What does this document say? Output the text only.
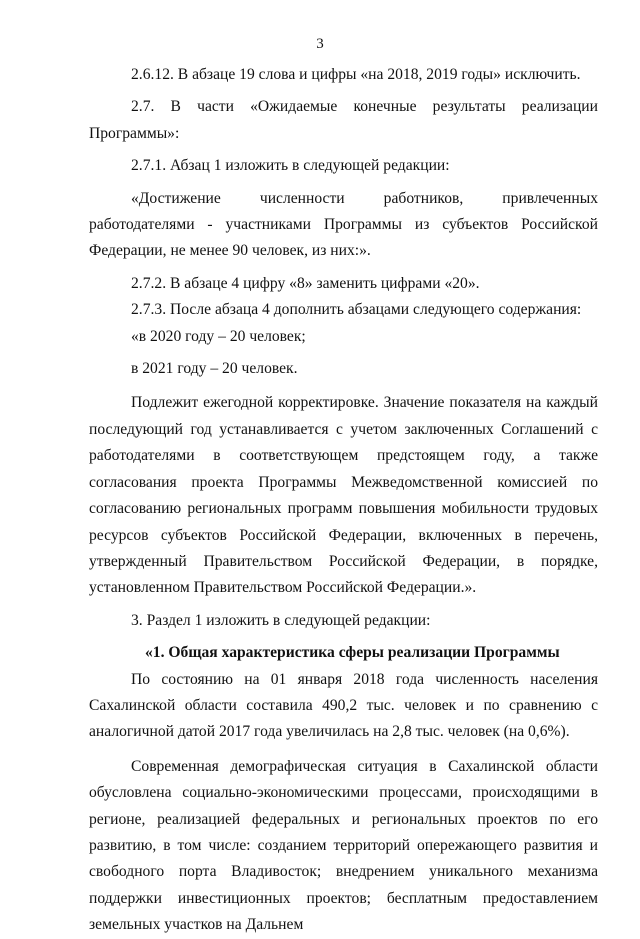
3

2.6.12. В абзаце 19 слова и цифры «на 2018, 2019 годы» исключить.

2.7. В части «Ожидаемые конечные результаты реализации Программы»:

2.7.1. Абзац 1 изложить в следующей редакции:

«Достижение численности работников, привлеченных работодателями - участниками Программы из субъектов Российской Федерации, не менее 90 человек, из них:».

2.7.2. В абзаце 4 цифру «8» заменить цифрами «20».

2.7.3. После абзаца 4 дополнить абзацами следующего содержания:

«в 2020 году – 20 человек;

в 2021 году – 20 человек.

Подлежит ежегодной корректировке. Значение показателя на каждый последующий год устанавливается с учетом заключенных Соглашений с работодателями в соответствующем предстоящем году, а также согласования проекта Программы Межведомственной комиссией по согласованию региональных программ повышения мобильности трудовых ресурсов субъектов Российской Федерации, включенных в перечень, утвержденный Правительством Российской Федерации, в порядке, установленном Правительством Российской Федерации.».

3. Раздел 1 изложить в следующей редакции:

«1. Общая характеристика сферы реализации Программы

По состоянию на 01 января 2018 года численность населения Сахалинской области составила 490,2 тыс. человек и по сравнению с аналогичной датой 2017 года увеличилась на 2,8 тыс. человек (на 0,6%).

Современная демографическая ситуация в Сахалинской области обусловлена социально-экономическими процессами, происходящими в регионе, реализацией федеральных и региональных проектов по его развитию, в том числе: созданием территорий опережающего развития и свободного порта Владивосток; внедрением уникального механизма поддержки инвестиционных проектов; бесплатным предоставлением земельных участков на Дальнем
